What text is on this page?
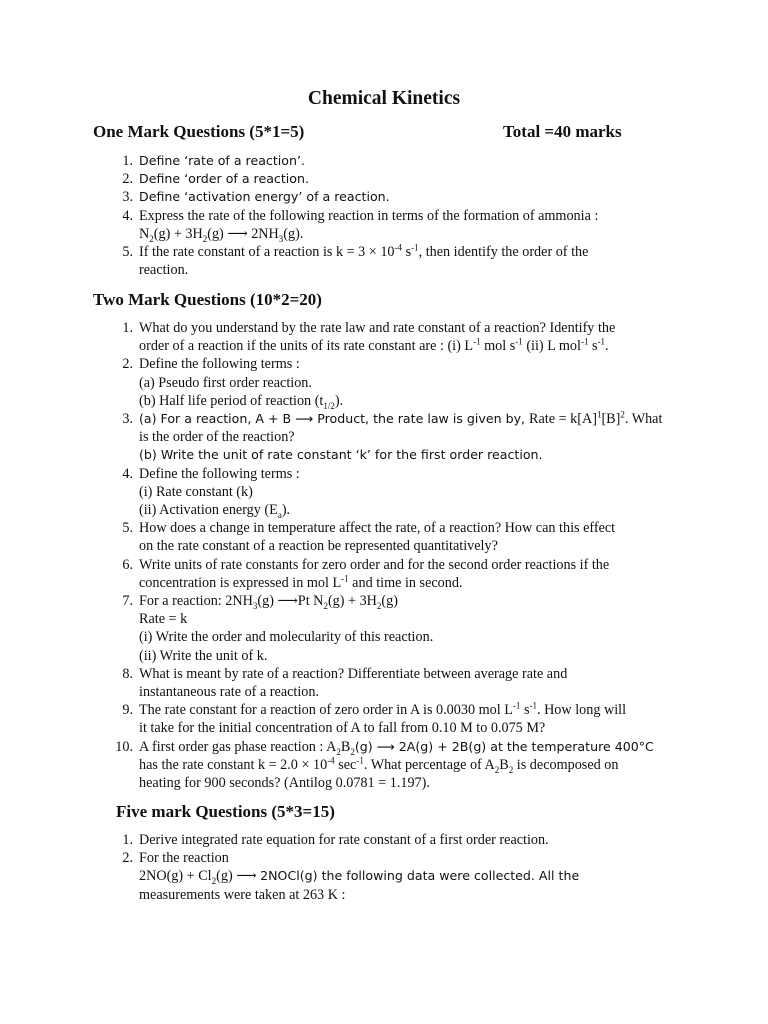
Chemical Kinetics
One Mark Questions (5*1=5)	Total =40 marks
1. Define ‘rate of a reaction’.
2. Define ‘order of a reaction.
3. Define ‘activation energy’ of a reaction.
4. Express the rate of the following reaction in terms of the formation of ammonia :
$N_2(g) + 3H_2(g)$ ⟶ $2NH_3(g)$.
5. If the rate constant of a reaction is $k = 3 \times 10^{-4}$ $s^{-1}$, then identify the order of the
reaction.
Two Mark Questions (10*2=20)
1. What do you understand by the rate law and rate constant of a reaction? Identify the
order of a reaction if the units of its rate constant are : (i) $L^{-1}$ mol $s^{-1}$ (ii) L mol$^{-1}$ $s^{-1}$.
2. Define the following terms :
(a) Pseudo first order reaction.
(b) Half life period of reaction $(t_{1/2})$.
3. (a) For a reaction, A + B ⟶ Product, the rate law is given by, Rate = $k[A]^1[B]^2$. What
is the order of the reaction?
(b) Write the unit of rate constant ‘k’ for the first order reaction.
4. Define the following terms :
(i) Rate constant (k)
(ii) Activation energy $(E_a)$.
5. How does a change in temperature affect the rate, of a reaction? How can this effect
on the rate constant of a reaction be represented quantitatively?
6. Write units of rate constants for zero order and for the second order reactions if the
concentration is expressed in mol $L^{-1}$ and time in second.
7. For a reaction: $2NH_3(g)$ ⟶Pt $N_2(g) + 3H_2(g)$
Rate = k
(i) Write the order and molecularity of this reaction.
(ii) Write the unit of k.
8. What is meant by rate of a reaction? Differentiate between average rate and
instantaneous rate of a reaction.
9. The rate constant for a reaction of zero order in A is 0.0030 mol $L^{-1}$ $s^{-1}$. How long will
it take for the initial concentration of A to fall from 0.10 M to 0.075 M?
10. A first order gas phase reaction : $A_2B_2(g)$ ⟶ 2A(g) + 2B(g) at the temperature 400°C
has the rate constant $k = 2.0 \times 10^{-4}$ $\sec^{-1}$. What percentage of $A_2B_2$ is decomposed on
heating for 900 seconds? (Antilog 0.0781 = 1.197).
Five mark Questions (5*3=15)
1. Derive integrated rate equation for rate constant of a first order reaction.
2. For the reaction
$2NO(g) + Cl_2(g)$ ⟶ 2NOCl(g) the following data were collected. All the
measurements were taken at 263 K :
